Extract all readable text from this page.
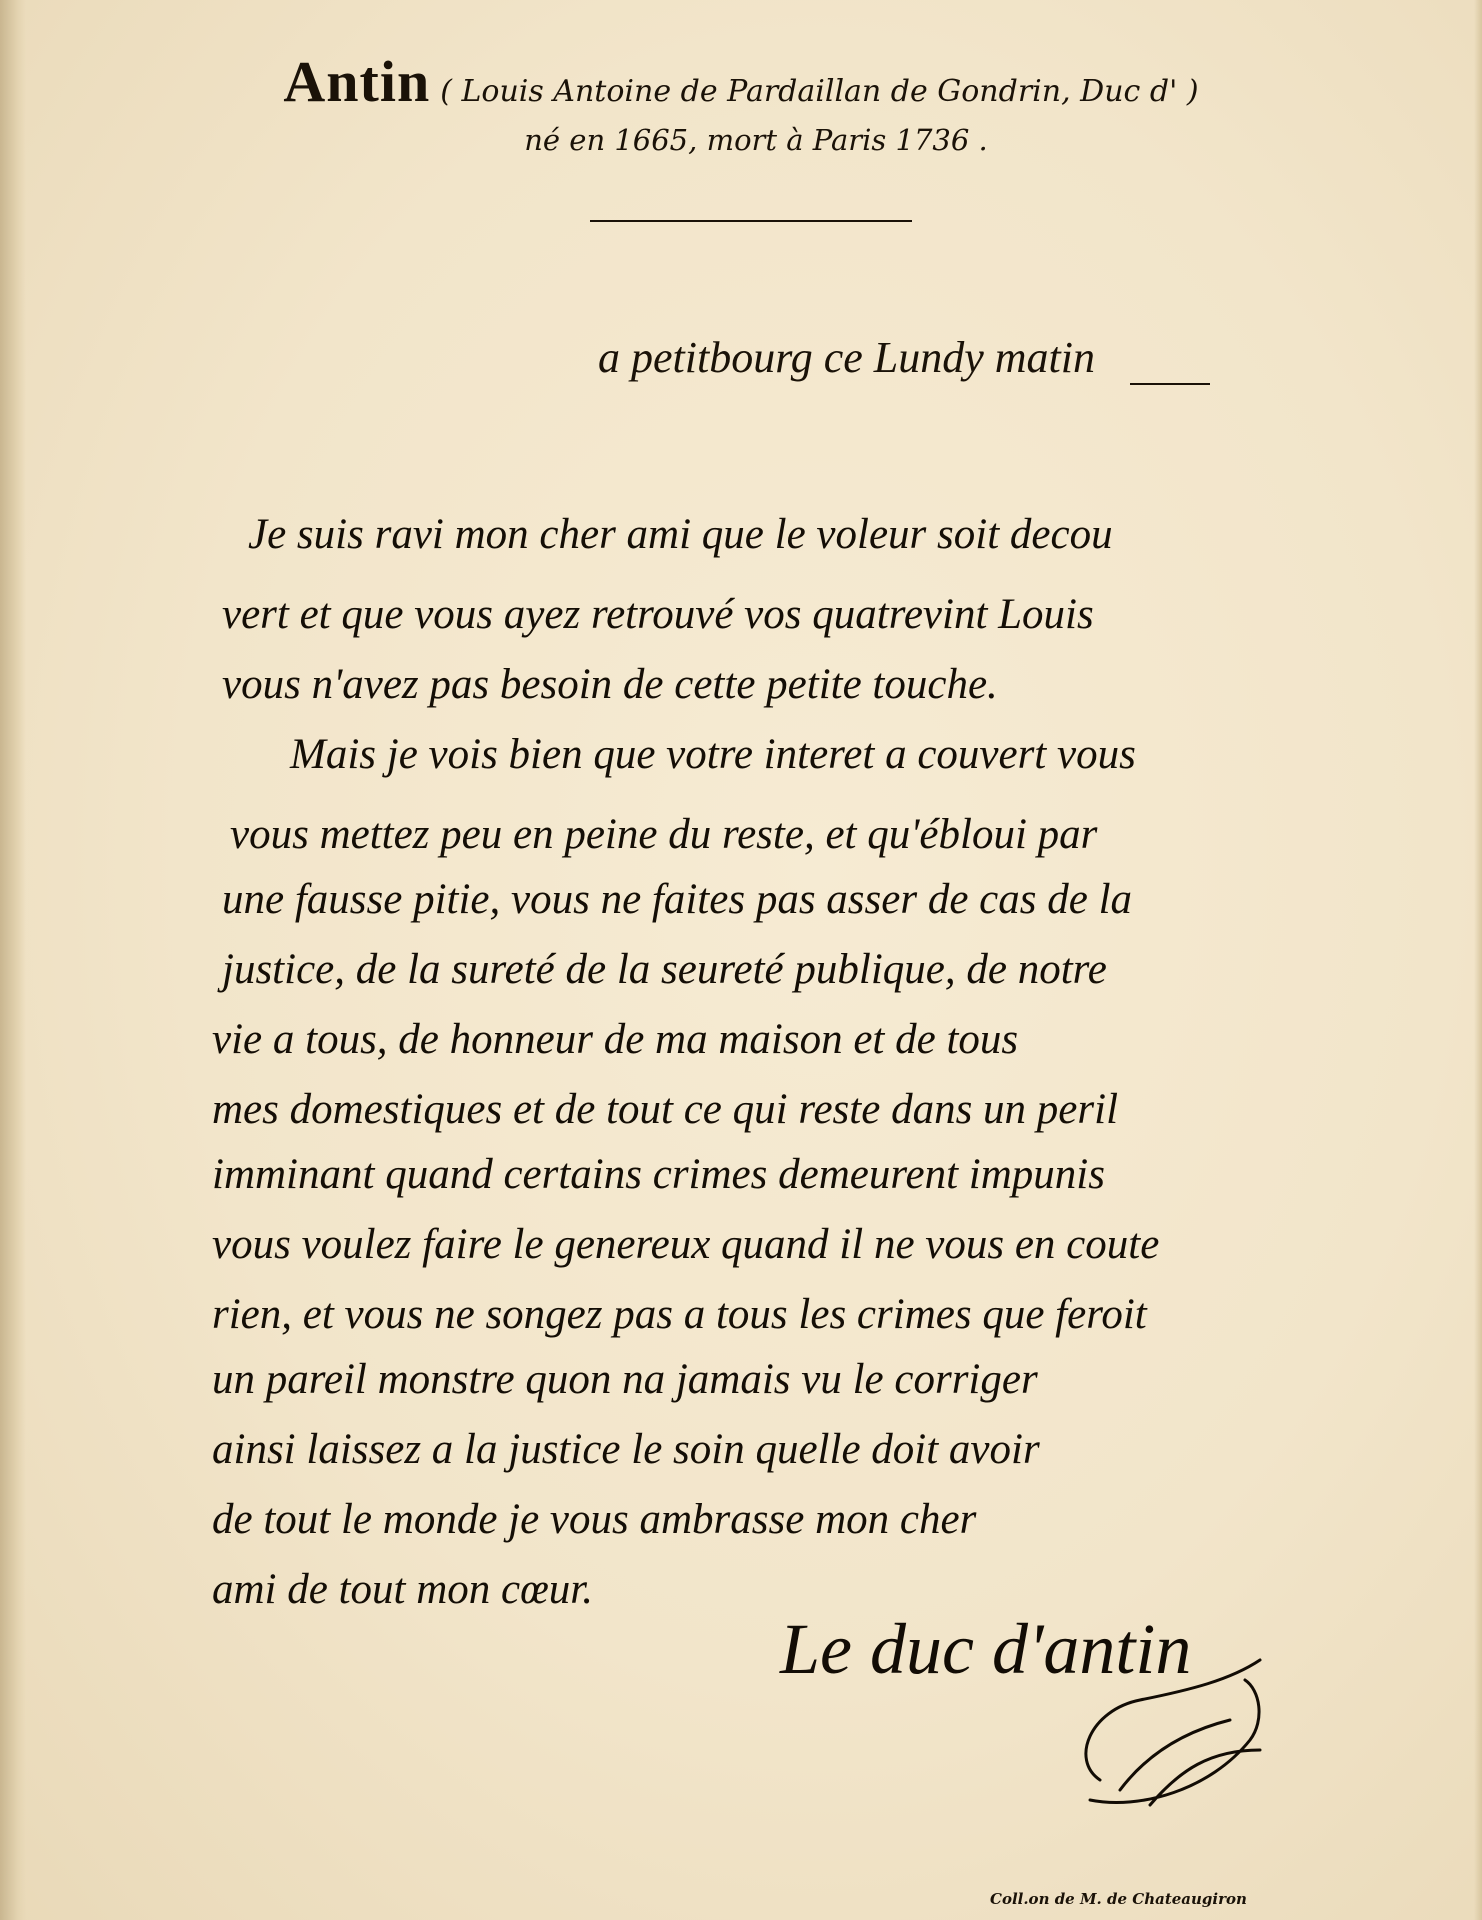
Antin ( Louis Antoine de Pardaillan de Gondrin, Duc d' )
né en 1665, mort à Paris 1736 .
a petitbourg ce Lundy matin
Je suis ravi mon cher ami que le voleur soit decou
vert et que vous ayez retrouvé vos quatrevint Louis
vous n'avez pas besoin de cette petite touche.
Mais je vois bien que votre interet a couvert vous
vous mettez peu en peine du reste, et qu'ébloui par
une fausse pitie, vous ne faites pas asser de cas de la
justice, de la sureté de la seureté publique, de notre
vie a tous, de honneur de ma maison et de tous
mes domestiques et de tout ce qui reste dans un peril
imminant quand certains crimes demeurent impunis
vous voulez faire le genereux quand il ne vous en coute
rien, et vous ne songez pas a tous les crimes que feroit
un pareil monstre quon na jamais vu le corriger
ainsi laissez a la justice le soin quelle doit avoir
de tout le monde je vous ambrasse mon cher
ami de tout mon cœur.
Le duc d'antin
Coll.on de M. de Chateaugiron
